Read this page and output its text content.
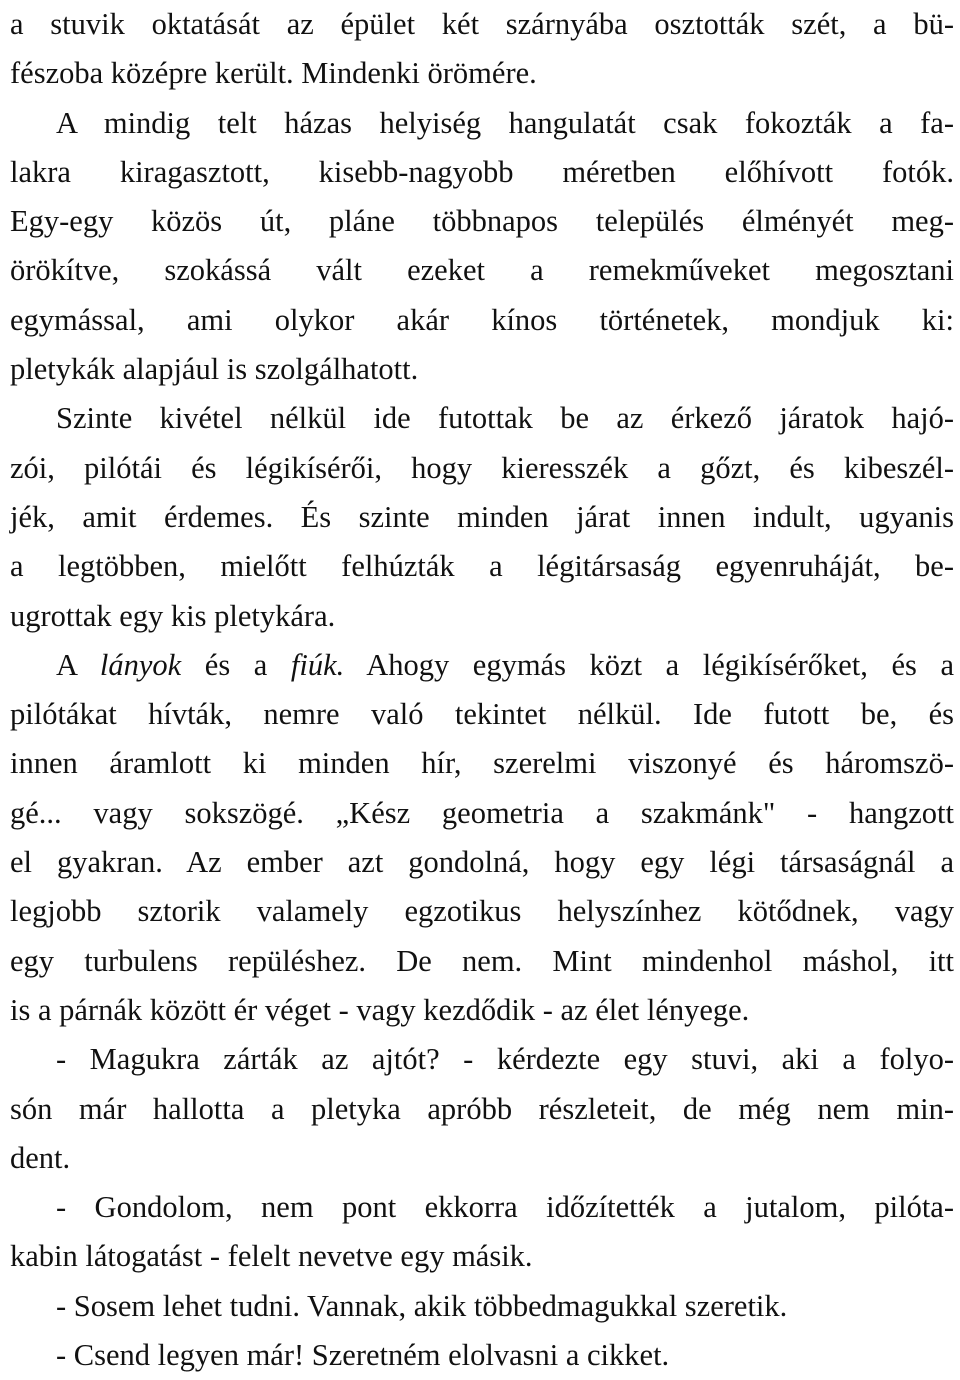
a stuvik oktatását az épület két szárnyába osztották szét, a bü-
fészoba középre került. Mindenki örömére.
A mindig telt házas helyiség hangulatát csak fokozták a fa-
lakra kiragasztott, kisebb-nagyobb méretben előhívott fotók.
Egy-egy közös út, pláne többnapos település élményét meg-
örökítve, szokássá vált ezeket a remekműveket megosztani
egymással, ami olykor akár kínos történetek, mondjuk ki:
pletykák alapjául is szolgálhatott.
Szinte kivétel nélkül ide futottak be az érkező járatok hajó-
zói, pilótái és légikísérői, hogy kieresszék a gőzt, és kibeszél-
jék, amit érdemes. És szinte minden járat innen indult, ugyanis
a legtöbben, mielőtt felhúzták a légitársaság egyenruháját, be-
ugrottak egy kis pletykára.
A lányok és a fiúk. Ahogy egymás közt a légikísérőket, és a
pilótákat hívták, nemre való tekintet nélkül. Ide futott be, és
innen áramlott ki minden hír, szerelmi viszonyé és háromszö-
gé... vagy sokszögé. „Kész geometria a szakmánk" - hangzott
el gyakran. Az ember azt gondolná, hogy egy légi társaságnál a
legjobb sztorik valamely egzotikus helyszínhez kötődnek, vagy
egy turbulens repüléshez. De nem. Mint mindenhol máshol, itt
is a párnák között ér véget - vagy kezdődik - az élet lényege.
- Magukra zárták az ajtót? - kérdezte egy stuvi, aki a folyo-
són már hallotta a pletyka apróbb részleteit, de még nem min-
dent.
- Gondolom, nem pont ekkorra időzítették a jutalom, pilóta-
kabin látogatást - felelt nevetve egy másik.
- Sosem lehet tudni. Vannak, akik többedmagukkal szeretik.
- Csend legyen már! Szeretném elolvasni a cikket.
